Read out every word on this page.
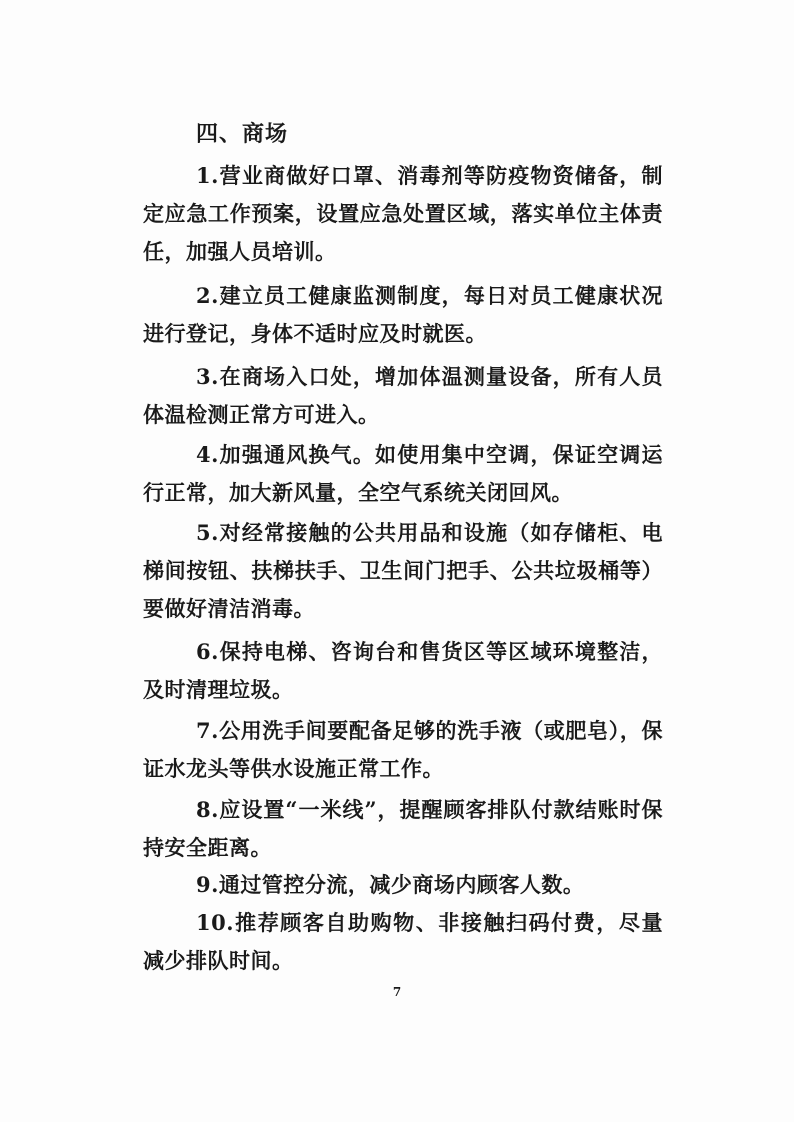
四、商场
1.营业商做好口罩、消毒剂等防疫物资储备，制定应急工作预案，设置应急处置区域，落实单位主体责任，加强人员培训。
2.建立员工健康监测制度，每日对员工健康状况进行登记，身体不适时应及时就医。
3.在商场入口处，增加体温测量设备，所有人员体温检测正常方可进入。
4.加强通风换气。如使用集中空调，保证空调运行正常，加大新风量，全空气系统关闭回风。
5.对经常接触的公共用品和设施（如存储柜、电梯间按钮、扶梯扶手、卫生间门把手、公共垃圾桶等）要做好清洁消毒。
6.保持电梯、咨询台和售货区等区域环境整洁，及时清理垃圾。
7.公用洗手间要配备足够的洗手液（或肥皂），保证水龙头等供水设施正常工作。
8.应设置“一米线”，提醒顾客排队付款结账时保持安全距离。
9.通过管控分流，减少商场内顾客人数。
10.推荐顾客自助购物、非接触扫码付费，尽量减少排队时间。
7
